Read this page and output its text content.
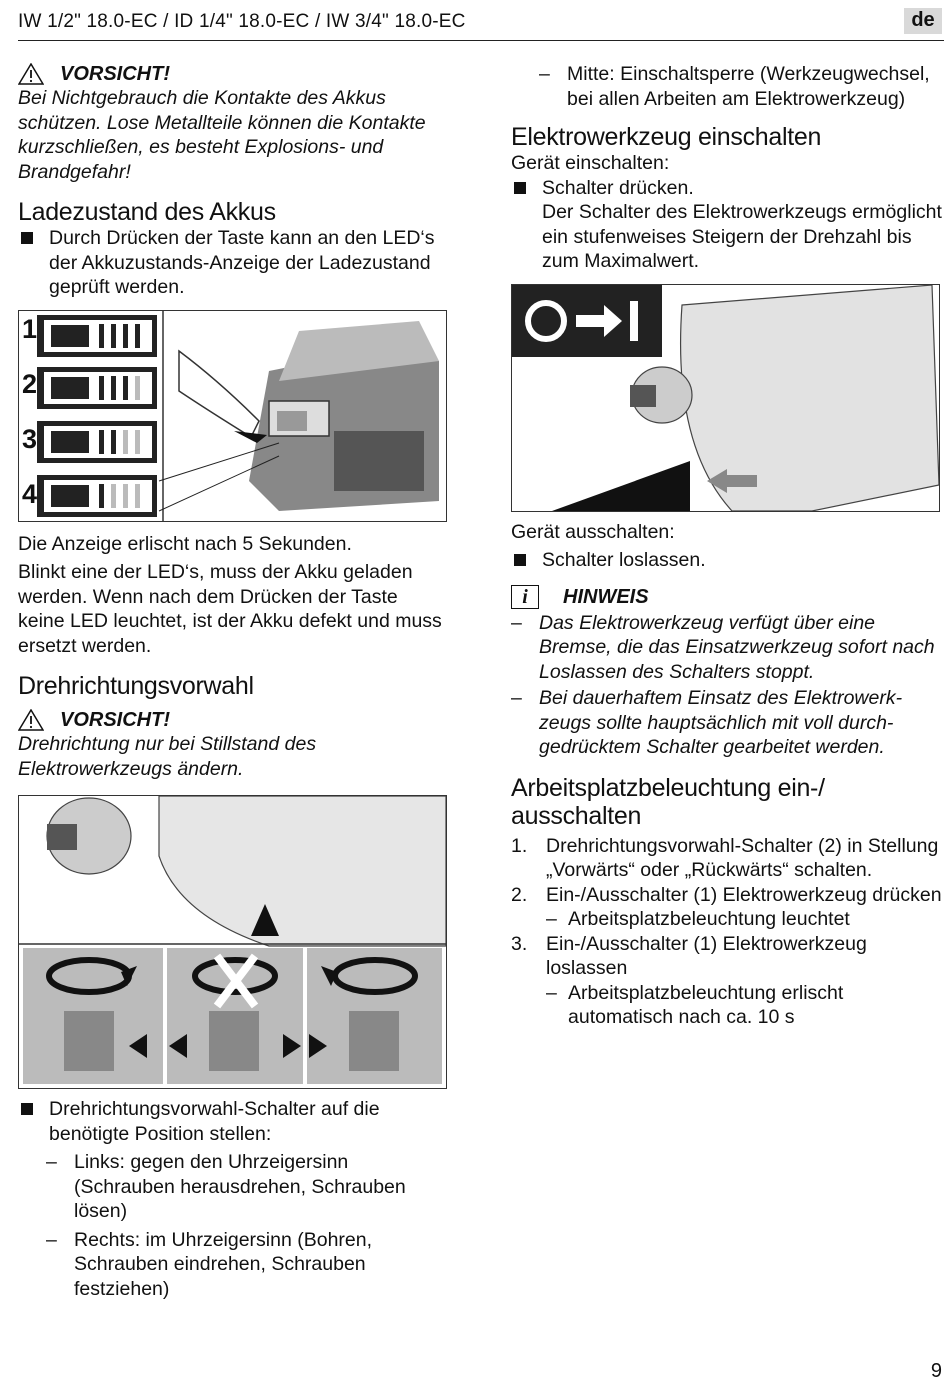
IW 1/2" 18.0-EC / ID 1/4" 18.0-EC / IW 3/4" 18.0-EC	de
VORSICHT!

Bei Nichtgebrauch die Kontakte des Akkus schützen. Lose Metallteile können die Kontakte kurzschließen, es besteht Explosions- und Brandgefahr!

Ladezustand des Akkus
Durch Drücken der Taste kann an den LED‘s der Akkuzustands-Anzeige der Ladezustand geprüft werden.
1
2
3
4

Die Anzeige erlischt nach 5 Sekunden.

Blinkt eine der LED‘s, muss der Akku geladen werden. Wenn nach dem Drücken der Taste keine LED leuchtet, ist der Akku defekt und muss ersetzt werden.

Drehrichtungsvorwahl
VORSICHT!

Drehrichtung nur bei Stillstand des Elektrowerkzeugs ändern.

Drehrichtungsvorwahl-Schalter auf die benötigte Position stellen:
– Links: gegen den Uhrzeigersinn (Schrauben herausdrehen, Schrauben lösen)
– Rechts: im Uhrzeigersinn (Bohren, Schrauben eindrehen, Schrauben festziehen)
– Mitte: Einschaltsperre (Werkzeugwechsel, bei allen Arbeiten am Elektrowerkzeug)
Elektrowerkzeug einschalten

Gerät einschalten:

Schalter drücken.
Der Schalter des Elektrowerkzeugs ermöglicht ein stufenweises Steigern der Drehzahl bis zum Maximalwert.

Gerät ausschalten:

Schalter loslassen.
i	HINWEIS
– Das Elektrowerkzeug verfügt über eine Bremse, die das Einsatzwerkzeug sofort nach Loslassen des Schalters stoppt.
– Bei dauerhaftem Einsatz des Elektrowerk-zeugs sollte hauptsächlich mit voll durch-gedrücktem Schalter gearbeitet werden.
Arbeitsplatzbeleuchtung ein-/ ausschalten
1. Drehrichtungsvorwahl-Schalter (2) in Stellung „Vorwärts“ oder „Rückwärts“ schalten.
2. Ein-/Ausschalter (1) Elektrowerkzeug drücken
– Arbeitsplatzbeleuchtung leuchtet
3. Ein-/Ausschalter (1) Elektrowerkzeug loslassen
– Arbeitsplatzbeleuchtung erlischt automatisch nach ca. 10 s
9
